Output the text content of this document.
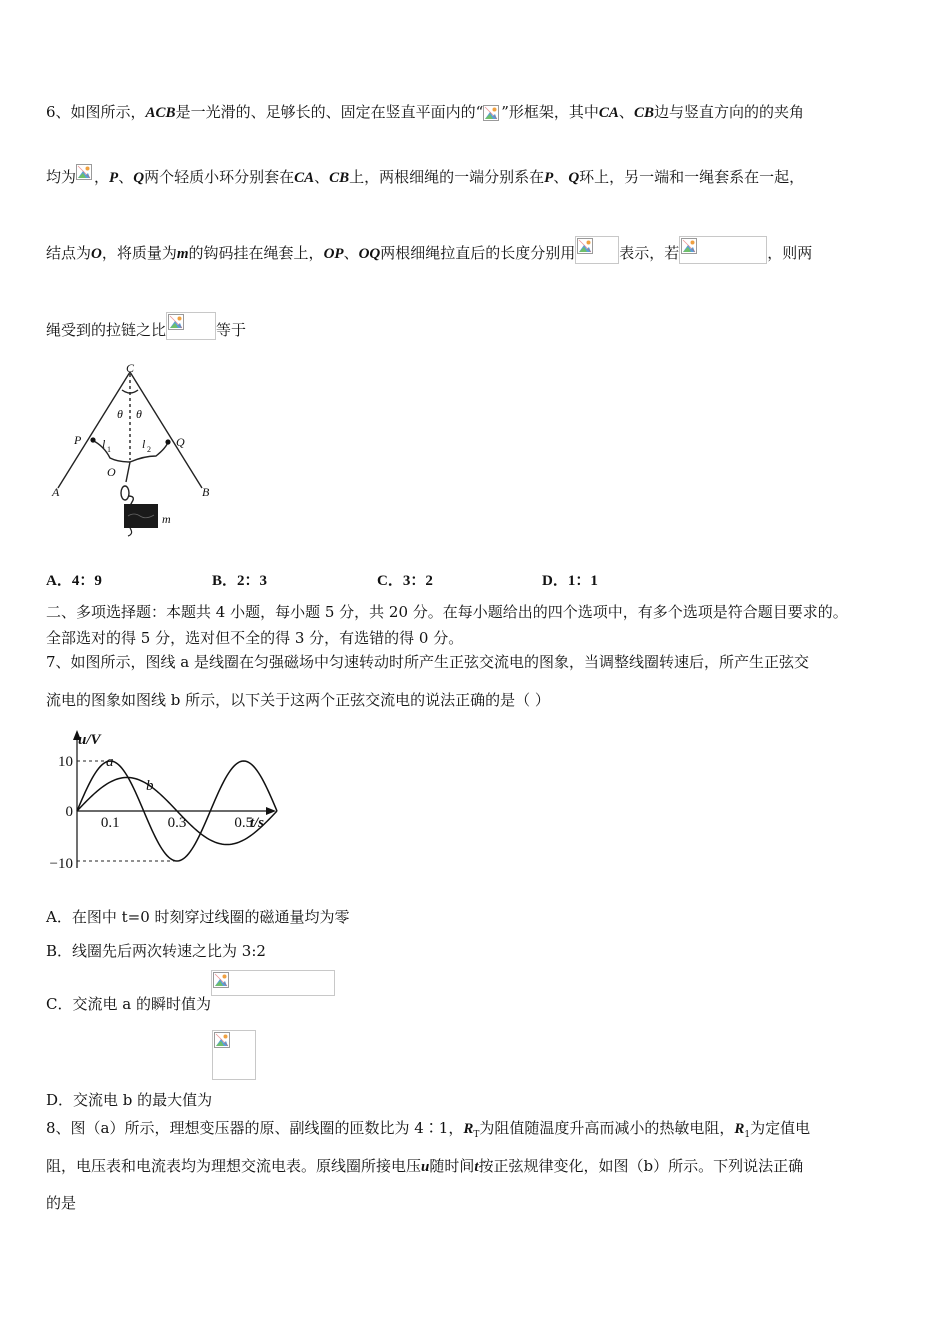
6、如图所示，ACB是一光滑的、足够长的、固定在竖直平面内的“ ”形框架，其中CA、CB边与竖直方向的的夹角
均为 ，P、Q两个轻质小环分别套在CA、CB上，两根细绳的一端分别系在P、Q环上，另一端和一绳套系在一起，
结点为O，将质量为m的钩码挂在绳套上，OP、OQ两根细绳拉直后的长度分别用	表示，若	，则两
绳受到的拉链之比	等于
C
θ θ
P	Q
l 1	l 2
O
A	B
m
A．4：9	B．2：3	C．3：2	D．1：1
二、多项选择题：本题共 4 小题，每小题 5 分，共 20 分。在每小题给出的四个选项中，有多个选项是符合题目要求的。
全部选对的得 5 分，选对但不全的得 3 分，有选错的得 0 分。
7、如图所示，图线 a 是线圈在匀强磁场中匀速转动时所产生正弦交流电的图象，当调整线圈转速后，所产生正弦交
流电的图象如图线 b 所示，以下关于这两个正弦交流电的说法正确的是（ ）
u/V
t/s
10
0
−10
0.1	0.3	0.5
a
b
A．在图中 t=0 时刻穿过线圈的磁通量均为零
B．线圈先后两次转速之比为 3:2
C．交流电 a 的瞬时值为
D．交流电 b 的最大值为
8、图（a）所示，理想变压器的原、副线圈的匝数比为 4∶1，$R_T$为阻值随温度升高而减小的热敏电阻，$R_1$为定值电
阻，电压表和电流表均为理想交流电表。原线圈所接电压u随时间t按正弦规律变化，如图（b）所示。下列说法正确
的是
